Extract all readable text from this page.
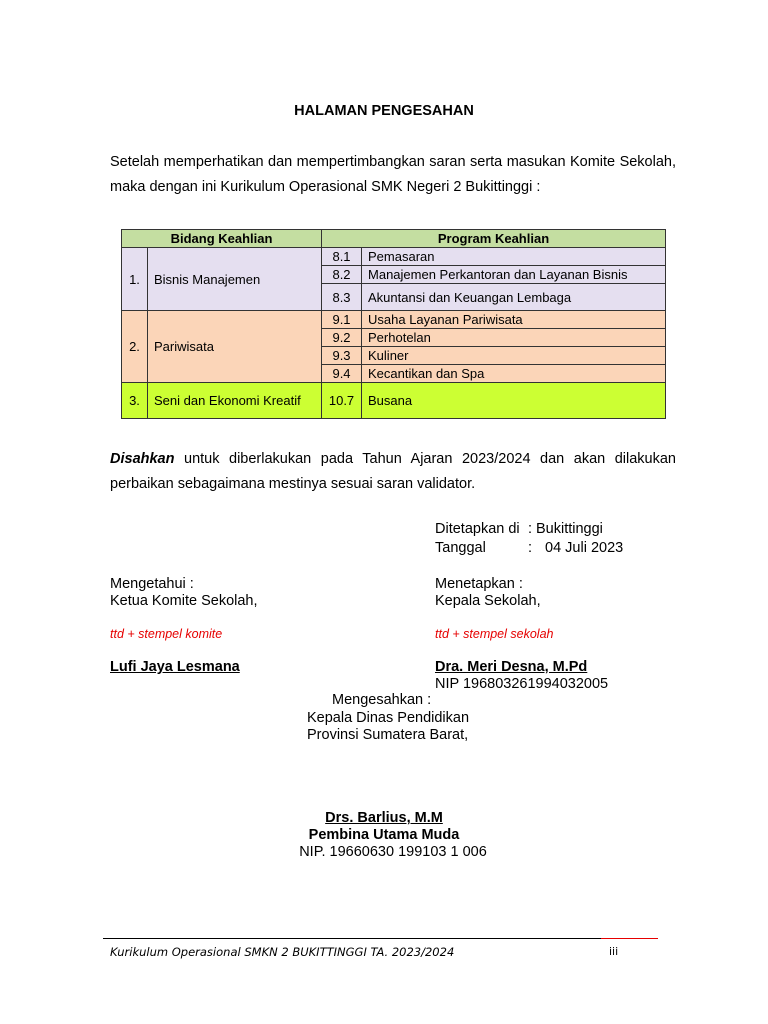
HALAMAN PENGESAHAN
Setelah memperhatikan dan mempertimbangkan saran serta masukan Komite Sekolah, maka dengan ini Kurikulum Operasional SMK Negeri 2 Bukittinggi :
Bidang Keahlian		Program Keahlian	
1.	Bisnis Manajemen	8.1	Pemasaran
		8.2	Manajemen Perkantoran dan Layanan Bisnis
		8.3	Akuntansi dan Keuangan Lembaga
2.	Pariwisata	9.1	Usaha Layanan Pariwisata
		9.2	Perhotelan
		9.3	Kuliner
		9.4	Kecantikan dan Spa
3.	Seni dan Ekonomi Kreatif	10.7	Busana
Disahkan untuk diberlakukan pada Tahun Ajaran 2023/2024 dan akan dilakukan perbaikan sebagaimana mestinya sesuai saran validator.
Ditetapkan di : Bukittinggi
Tanggal	: 04 Juli 2023
Mengetahui :
Ketua Komite Sekolah,
ttd + stempel komite
Lufi Jaya Lesmana
Menetapkan :
Kepala Sekolah,
ttd + stempel sekolah
Dra. Meri Desna, M.Pd
NIP 196803261994032005
Mengesahkan :
Kepala Dinas Pendidikan
Provinsi Sumatera Barat,
Drs. Barlius, M.M
Pembina Utama Muda
NIP. 19660630 199103 1 006
Kurikulum Operasional SMKN 2 BUKITTINGGI TA. 2023/2024	iii
